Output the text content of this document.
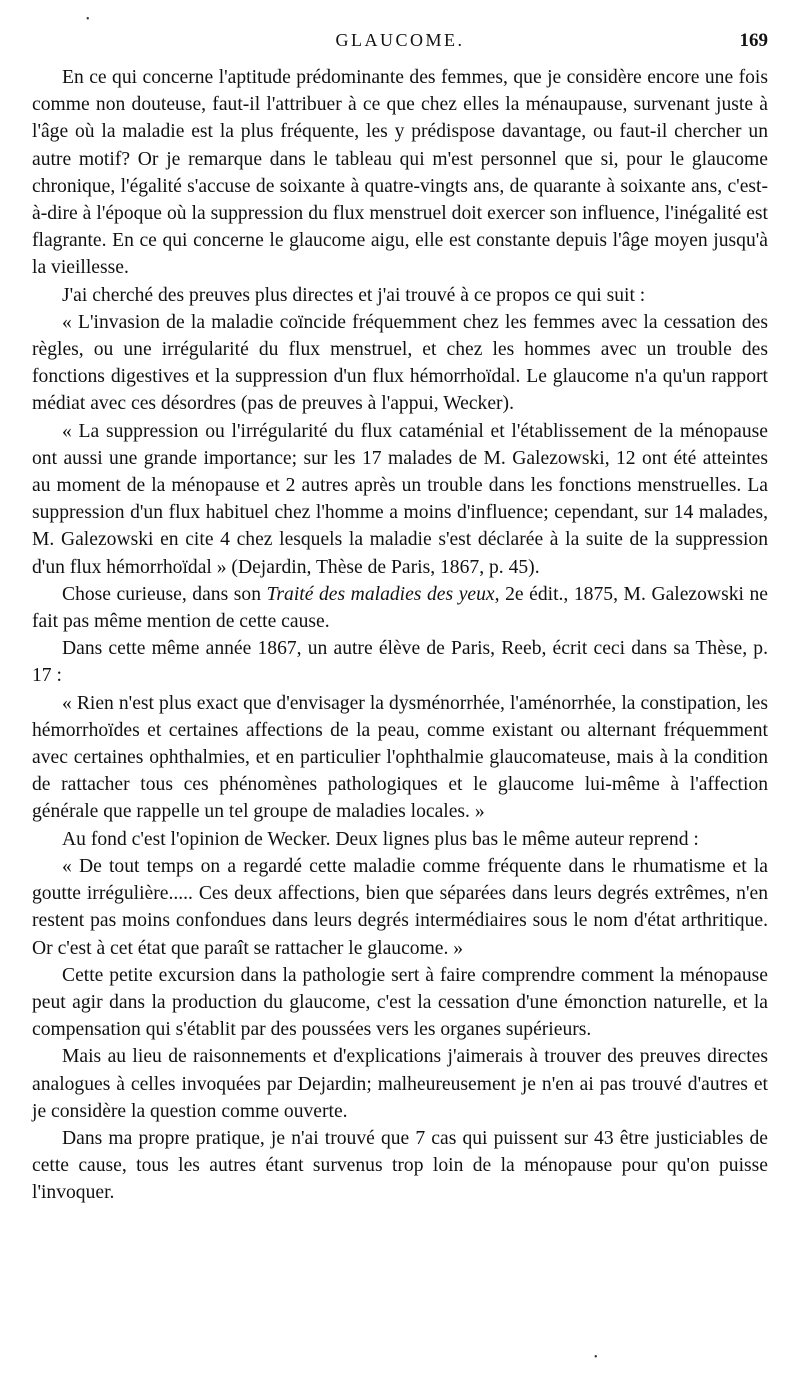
GLAUCOME.	169

En ce qui concerne l'aptitude prédominante des femmes, que je considère encore une fois comme non douteuse, faut-il l'attribuer à ce que chez elles la ménaupause, survenant juste à l'âge où la maladie est la plus fréquente, les y prédispose davantage, ou faut-il chercher un autre motif? Or je remarque dans le tableau qui m'est personnel que si, pour le glaucome chronique, l'égalité s'accuse de soixante à quatre-vingts ans, de quarante à soixante ans, c'est-à-dire à l'époque où la suppression du flux menstruel doit exercer son influence, l'inégalité est flagrante. En ce qui concerne le glaucome aigu, elle est constante depuis l'âge moyen jusqu'à la vieillesse.

J'ai cherché des preuves plus directes et j'ai trouvé à ce propos ce qui suit :

« L'invasion de la maladie coïncide fréquemment chez les femmes avec la cessation des règles, ou une irrégularité du flux menstruel, et chez les hommes avec un trouble des fonctions digestives et la suppression d'un flux hémorrhoïdal. Le glaucome n'a qu'un rapport médiat avec ces désordres (pas de preuves à l'appui, Wecker).

« La suppression ou l'irrégularité du flux cataménial et l'établissement de la ménopause ont aussi une grande importance; sur les 17 malades de M. Galezowski, 12 ont été atteintes au moment de la ménopause et 2 autres après un trouble dans les fonctions menstruelles. La suppression d'un flux habituel chez l'homme a moins d'influence; cependant, sur 14 malades, M. Galezowski en cite 4 chez lesquels la maladie s'est déclarée à la suite de la suppression d'un flux hémorrhoïdal » (Dejardin, Thèse de Paris, 1867, p. 45).

Chose curieuse, dans son Traité des maladies des yeux, 2e édit., 1875, M. Galezowski ne fait pas même mention de cette cause.

Dans cette même année 1867, un autre élève de Paris, Reeb, écrit ceci dans sa Thèse, p. 17 :

« Rien n'est plus exact que d'envisager la dysménorrhée, l'aménorrhée, la constipation, les hémorrhoïdes et certaines affections de la peau, comme existant ou alternant fréquemment avec certaines ophthalmies, et en particulier l'ophthalmie glaucomateuse, mais à la condition de rattacher tous ces phénomènes pathologiques et le glaucome lui-même à l'affection générale que rappelle un tel groupe de maladies locales. »

Au fond c'est l'opinion de Wecker. Deux lignes plus bas le même auteur reprend :

« De tout temps on a regardé cette maladie comme fréquente dans le rhumatisme et la goutte irrégulière..... Ces deux affections, bien que séparées dans leurs degrés extrêmes, n'en restent pas moins confondues dans leurs degrés intermédiaires sous le nom d'état arthritique. Or c'est à cet état que paraît se rattacher le glaucome. »

Cette petite excursion dans la pathologie sert à faire comprendre comment la ménopause peut agir dans la production du glaucome, c'est la cessation d'une émonction naturelle, et la compensation qui s'établit par des poussées vers les organes supérieurs.

Mais au lieu de raisonnements et d'explications j'aimerais à trouver des preuves directes analogues à celles invoquées par Dejardin; malheureusement je n'en ai pas trouvé d'autres et je considère la question comme ouverte.

Dans ma propre pratique, je n'ai trouvé que 7 cas qui puissent sur 43 être justiciables de cette cause, tous les autres étant survenus trop loin de la ménopause pour qu'on puisse l'invoquer.

•
•
